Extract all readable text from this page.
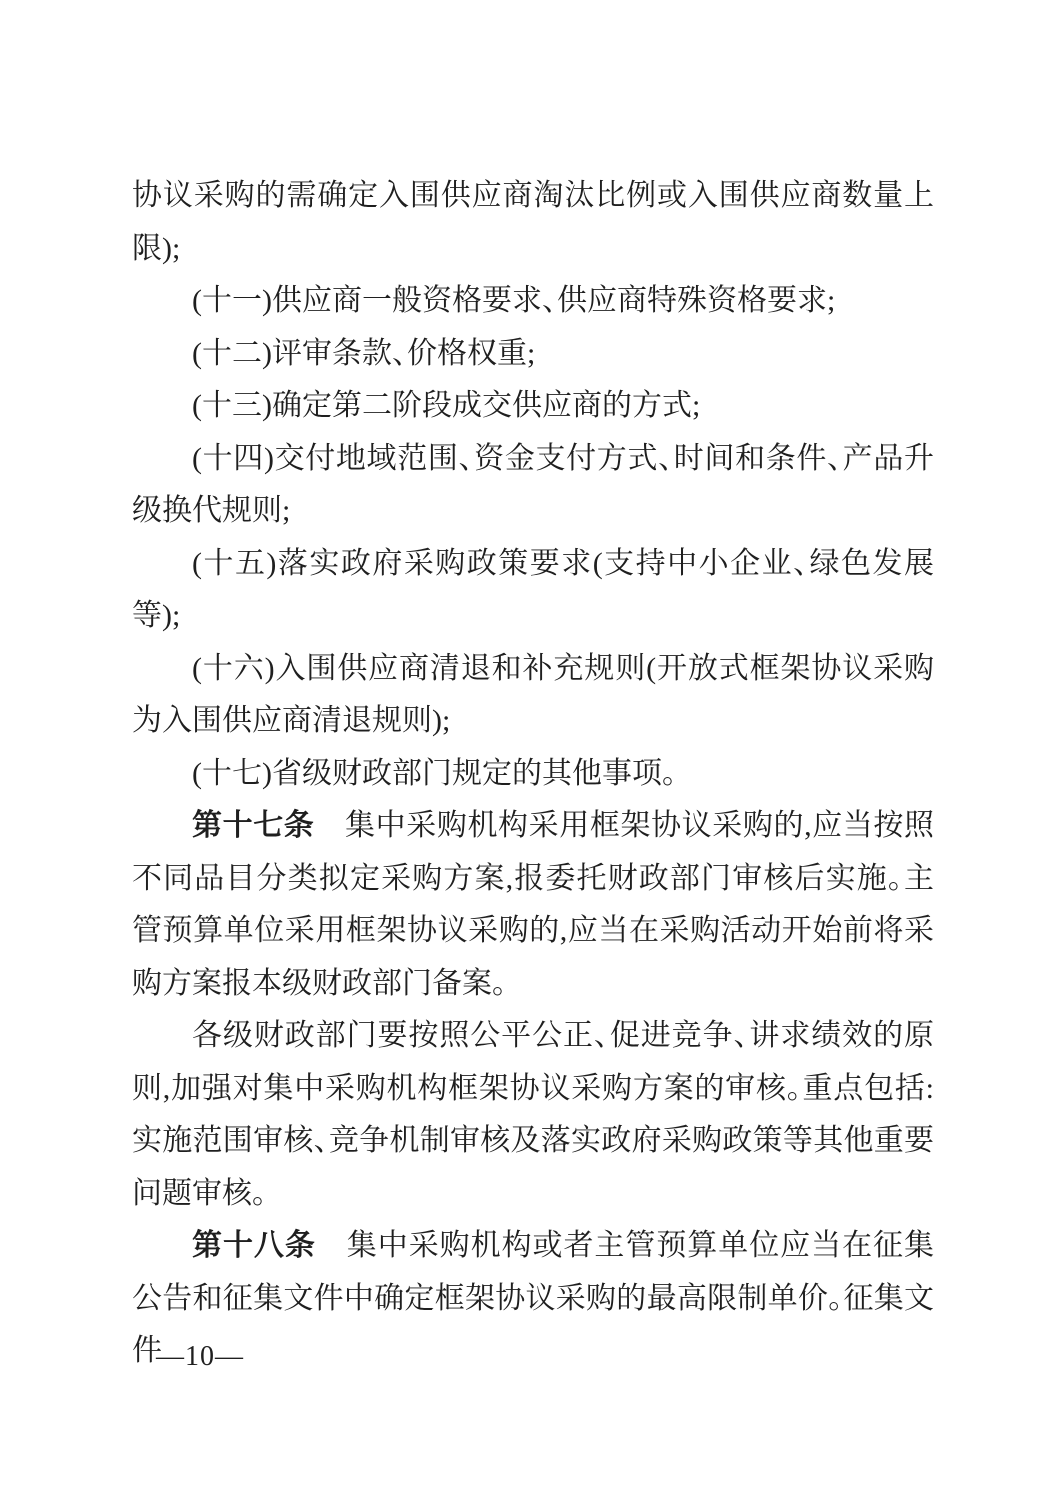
协议采购的需确定入围供应商淘汰比例或入围供应商数量上限);

(十一)供应商一般资格要求、供应商特殊资格要求;

(十二)评审条款、价格权重;

(十三)确定第二阶段成交供应商的方式;

(十四)交付地域范围、资金支付方式、时间和条件、产品升级换代规则;

(十五)落实政府采购政策要求(支持中小企业、绿色发展等);

(十六)入围供应商清退和补充规则(开放式框架协议采购为入围供应商清退规则);

(十七)省级财政部门规定的其他事项。

第十七条　集中采购机构采用框架协议采购的,应当按照不同品目分类拟定采购方案,报委托财政部门审核后实施。主管预算单位采用框架协议采购的,应当在采购活动开始前将采购方案报本级财政部门备案。

各级财政部门要按照公平公正、促进竞争、讲求绩效的原则,加强对集中采购机构框架协议采购方案的审核。重点包括:实施范围审核、竞争机制审核及落实政府采购政策等其他重要问题审核。

第十八条　集中采购机构或者主管预算单位应当在征集公告和征集文件中确定框架协议采购的最高限制单价。征集文件

—10—
